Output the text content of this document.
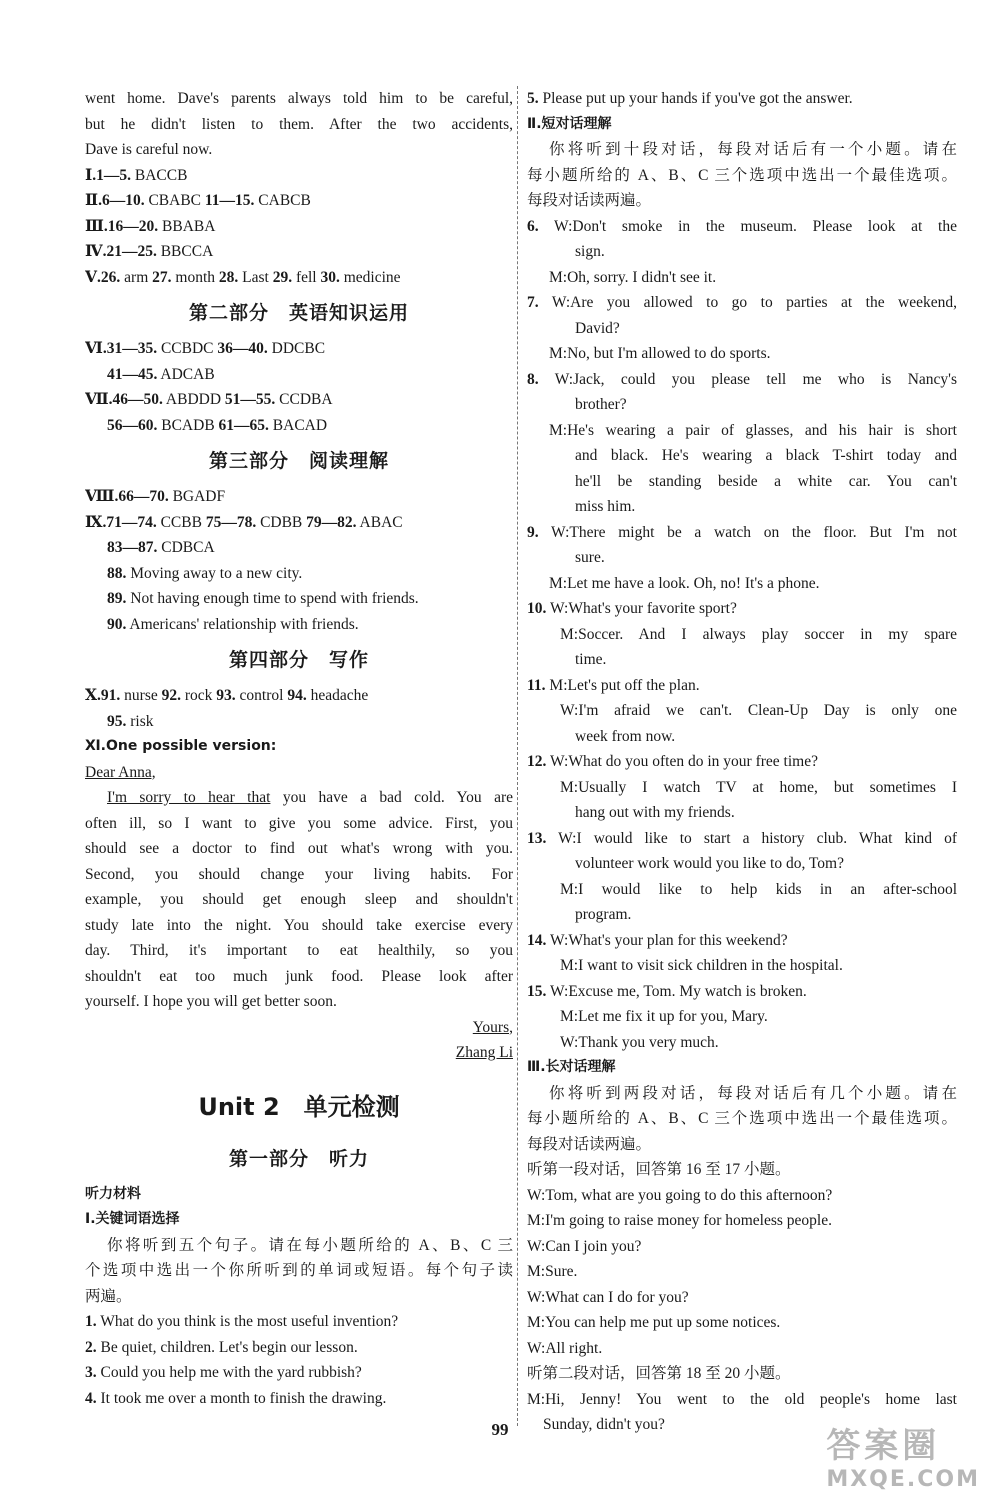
went home. Dave's parents always told him to be careful,
but he didn't listen to them. After the two accidents,
Dave is careful now.
Ⅰ.1—5. BACCB
Ⅱ.6—10. CBABC 11—15. CABCB
Ⅲ.16—20. BBABA
Ⅳ.21—25. BBCCA
Ⅴ.26. arm 27. month 28. Last 29. fell 30. medicine
第二部分　英语知识运用
Ⅵ.31—35. CCBDC 36—40. DDCBC
41—45. ADCAB
Ⅶ.46—50. ABDDD 51—55. CCDBA
56—60. BCADB 61—65. BACAD
第三部分　阅读理解
Ⅷ.66—70. BGADF
Ⅸ.71—74. CCBB 75—78. CDBB 79—82. ABAC
83—87. CDBCA
88. Moving away to a new city.
89. Not having enough time to spend with friends.
90. Americans' relationship with friends.
第四部分　写作
Ⅹ.91. nurse 92. rock 93. control 94. headache
95. risk
Ⅺ.One possible version:
Dear Anna,
I'm sorry to hear that you have a bad cold. You are
often ill, so I want to give you some advice. First, you
should see a doctor to find out what's wrong with you.
Second, you should change your living habits. For
example, you should get enough sleep and shouldn't
study late into the night. You should take exercise every
day. Third, it's important to eat healthily, so you
shouldn't eat too much junk food. Please look after
yourself. I hope you will get better soon.
Yours,
Zhang Li
Unit 2　单元检测
第一部分　听力
听力材料
Ⅰ.关键词语选择
你将听到五个句子。请在每小题所给的 A、B、C 三
个选项中选出一个你所听到的单词或短语。每个句子读
两遍。
1. What do you think is the most useful invention?
2. Be quiet, children. Let's begin our lesson.
3. Could you help me with the yard rubbish?
4. It took me over a month to finish the drawing.
5. Please put up your hands if you've got the answer.
Ⅱ.短对话理解
你将听到十段对话，每段对话后有一个小题。请在
每小题所给的 A、B、C 三个选项中选出一个最佳选项。
每段对话读两遍。
6. W:Don't smoke in the museum. Please look at the
sign.
M:Oh, sorry. I didn't see it.
7. W:Are you allowed to go to parties at the weekend,
David?
M:No, but I'm allowed to do sports.
8. W:Jack, could you please tell me who is Nancy's
brother?
M:He's wearing a pair of glasses, and his hair is short
and black. He's wearing a black T-shirt today and
he'll be standing beside a white car. You can't
miss him.
9. W:There might be a watch on the floor. But I'm not
sure.
M:Let me have a look. Oh, no! It's a phone.
10. W:What's your favorite sport?
M:Soccer. And I always play soccer in my spare
time.
11. M:Let's put off the plan.
W:I'm afraid we can't. Clean-Up Day is only one
week from now.
12. W:What do you often do in your free time?
M:Usually I watch TV at home, but sometimes I
hang out with my friends.
13. W:I would like to start a history club. What kind of
volunteer work would you like to do, Tom?
M:I would like to help kids in an after-school
program.
14. W:What's your plan for this weekend?
M:I want to visit sick children in the hospital.
15. W:Excuse me, Tom. My watch is broken.
M:Let me fix it up for you, Mary.
W:Thank you very much.
Ⅲ.长对话理解
你将听到两段对话，每段对话后有几个小题。请在
每小题所给的 A、B、C 三个选项中选出一个最佳选项。
每段对话读两遍。
听第一段对话，回答第 16 至 17 小题。
W:Tom, what are you going to do this afternoon?
M:I'm going to raise money for homeless people.
W:Can I join you?
M:Sure.
W:What can I do for you?
M:You can help me put up some notices.
W:All right.
听第二段对话，回答第 18 至 20 小题。
M:Hi, Jenny! You went to the old people's home last
Sunday, didn't you?
99	答案圈
MXQE.COM
